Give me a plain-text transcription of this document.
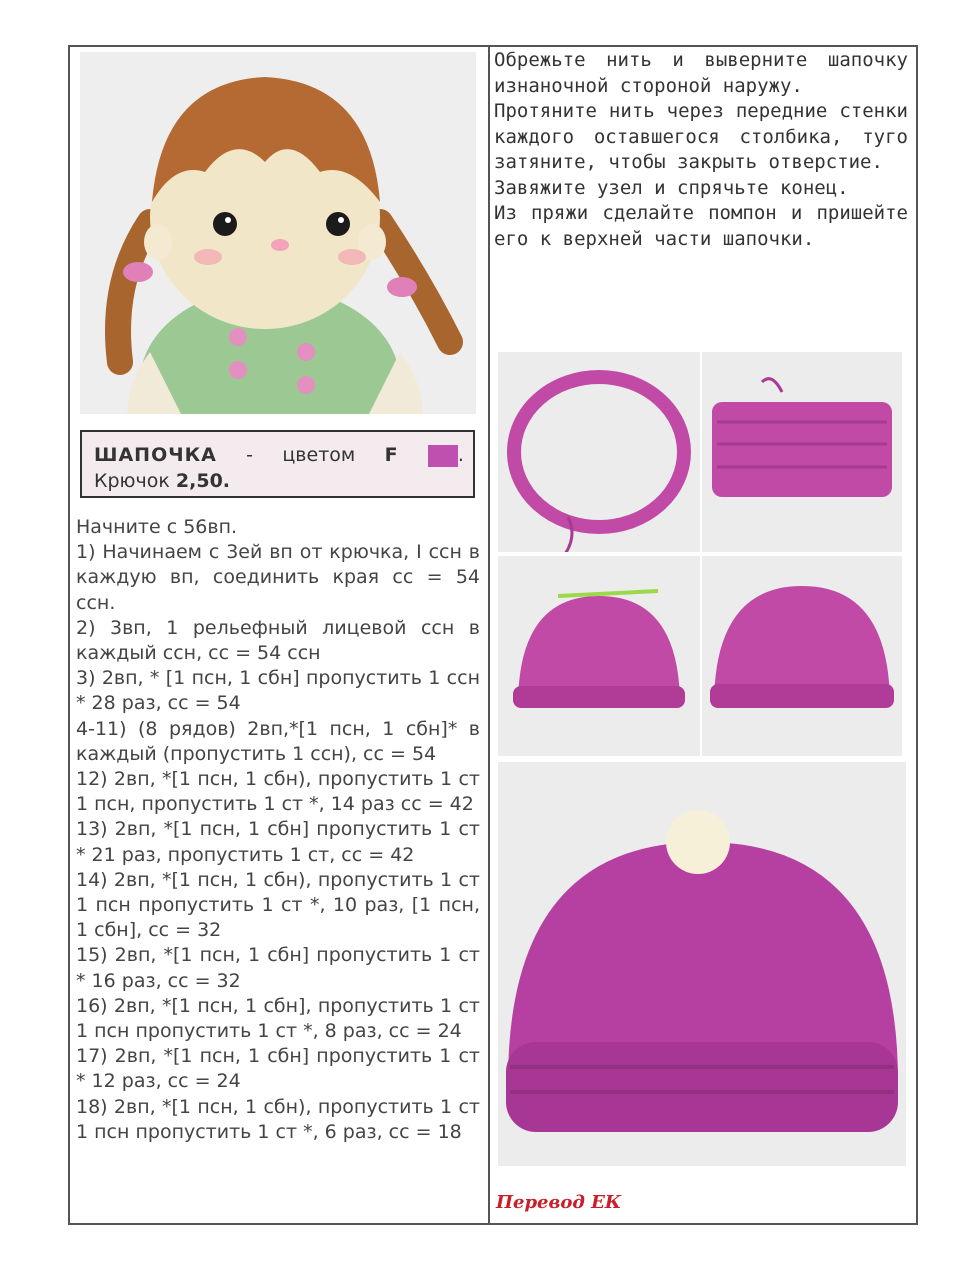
ШАПОЧКА - цветом F	.
Крючок 2,50.

Начните с 56вп.

1) Начинаем с 3ей вп от крючка, I ссн в каждую вп, соединить края сс = 54 ссн.

2) 3вп, 1 рельефный лицевой ссн в каждый ссн, сс = 54 ссн

3) 2вп, * [1 псн, 1 сбн] пропустить 1 ссн * 28 раз, сс = 54

4-11) (8 рядов) 2вп,*[1 псн, 1 сбн]* в каждый (пропустить 1 ссн), сс = 54

12) 2вп, *[1 псн, 1 сбн), пропустить 1 ст 1 псн, пропустить 1 ст *, 14 раз сс = 42

13) 2вп, *[1 псн, 1 сбн] пропустить 1 ст * 21 раз, пропустить 1 ст, сс = 42

14) 2вп, *[1 псн, 1 сбн), пропустить 1 ст 1 псн пропустить 1 ст *, 10 раз, [1 псн, 1 сбн], сс = 32

15) 2вп, *[1 псн, 1 сбн] пропустить 1 ст * 16 раз, сс = 32

16) 2вп, *[1 псн, 1 сбн], пропустить 1 ст 1 псн пропустить 1 ст *, 8 раз, сс = 24

17) 2вп, *[1 псн, 1 сбн] пропустить 1 ст * 12 раз, сс = 24

18) 2вп, *[1 псн, 1 сбн), пропустить 1 ст 1 псн пропустить 1 ст *, 6 раз, сс = 18

Обрежьте нить и выверните шапочку изнаночной стороной наружу.

Протяните нить через передние стенки каждого оставшегося столбика, туго затяните, чтобы закрыть отверстие.

Завяжите узел и спрячьте конец.

Из пряжи сделайте помпон и пришейте его к верхней части шапочки.

Перевод ЕК
